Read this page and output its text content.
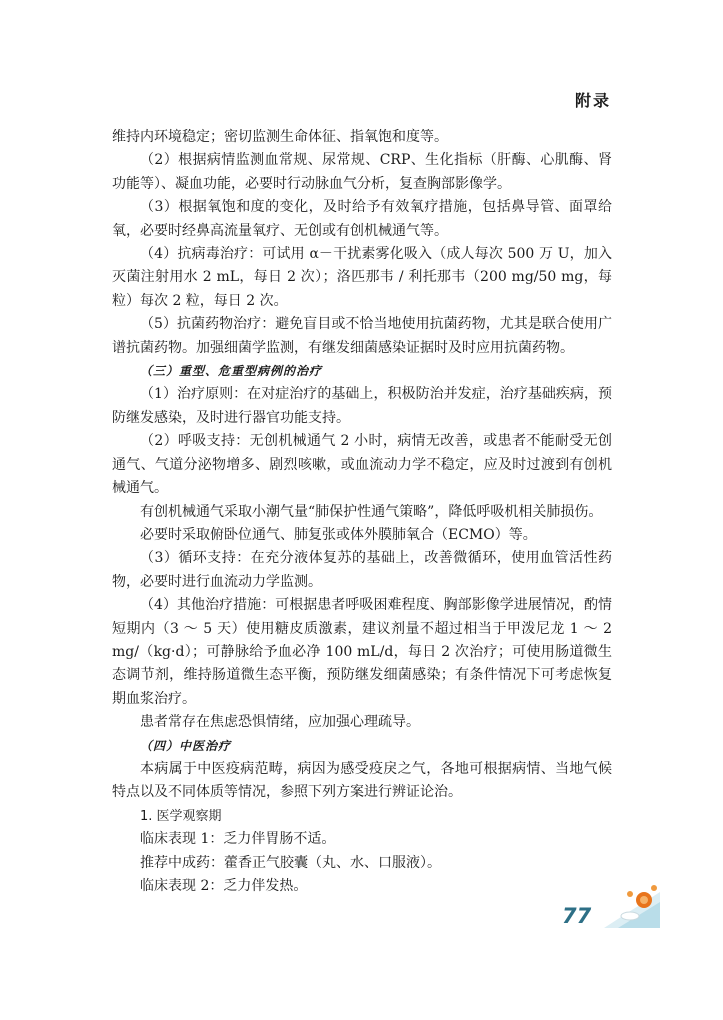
附录

维持内环境稳定；密切监测生命体征、指氧饱和度等。

（2）根据病情监测血常规、尿常规、CRP、生化指标（肝酶、心肌酶、肾功能等）、凝血功能，必要时行动脉血气分析，复查胸部影像学。

（3）根据氧饱和度的变化，及时给予有效氧疗措施，包括鼻导管、面罩给氧，必要时经鼻高流量氧疗、无创或有创机械通气等。

（4）抗病毒治疗：可试用 α－干扰素雾化吸入（成人每次 500 万 U，加入灭菌注射用水 2 mL，每日 2 次）；洛匹那韦 / 利托那韦（200 mg/50 mg，每粒）每次 2 粒，每日 2 次。

（5）抗菌药物治疗：避免盲目或不恰当地使用抗菌药物，尤其是联合使用广谱抗菌药物。加强细菌学监测，有继发细菌感染证据时及时应用抗菌药物。

（三）重型、危重型病例的治疗

（1）治疗原则：在对症治疗的基础上，积极防治并发症，治疗基础疾病，预防继发感染，及时进行器官功能支持。

（2）呼吸支持：无创机械通气 2 小时，病情无改善，或患者不能耐受无创通气、气道分泌物增多、剧烈咳嗽，或血流动力学不稳定，应及时过渡到有创机械通气。

有创机械通气采取小潮气量“肺保护性通气策略”，降低呼吸机相关肺损伤。

必要时采取俯卧位通气、肺复张或体外膜肺氧合（ECMO）等。

（3）循环支持：在充分液体复苏的基础上，改善微循环，使用血管活性药物，必要时进行血流动力学监测。

（4）其他治疗措施：可根据患者呼吸困难程度、胸部影像学进展情况，酌情短期内（3 ～ 5 天）使用糖皮质激素，建议剂量不超过相当于甲泼尼龙 1 ～ 2 mg/（kg·d）；可静脉给予血必净 100 mL/d，每日 2 次治疗；可使用肠道微生态调节剂，维持肠道微生态平衡，预防继发细菌感染；有条件情况下可考虑恢复期血浆治疗。

患者常存在焦虑恐惧情绪，应加强心理疏导。

（四）中医治疗

本病属于中医疫病范畴，病因为感受疫戾之气，各地可根据病情、当地气候特点以及不同体质等情况，参照下列方案进行辨证论治。

1. 医学观察期

临床表现 1：乏力伴胃肠不适。

推荐中成药：藿香正气胶囊（丸、水、口服液）。

临床表现 2：乏力伴发热。

77
